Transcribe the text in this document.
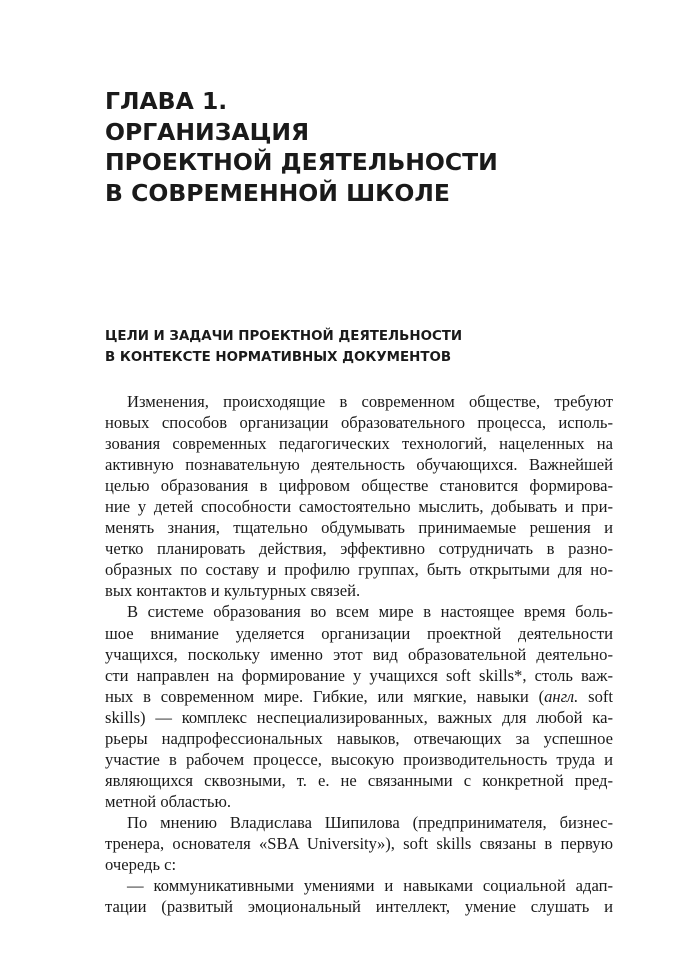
ГЛАВА 1.
ОРГАНИЗАЦИЯ
ПРОЕКТНОЙ ДЕЯТЕЛЬНОСТИ
В СОВРЕМЕННОЙ ШКОЛЕ
ЦЕЛИ И ЗАДАЧИ ПРОЕКТНОЙ ДЕЯТЕЛЬНОСТИ
В КОНТЕКСТЕ НОРМАТИВНЫХ ДОКУМЕНТОВ
Изменения, происходящие в современном обществе, требуют
новых способов организации образовательного процесса, исполь-
зования современных педагогических технологий, нацеленных на
активную познавательную деятельность обучающихся. Важнейшей
целью образования в цифровом обществе становится формирова-
ние у детей способности самостоятельно мыслить, добывать и при-
менять знания, тщательно обдумывать принимаемые решения и
четко планировать действия, эффективно сотрудничать в разно-
образных по составу и профилю группах, быть открытыми для но-
вых контактов и культурных связей.
В системе образования во всем мире в настоящее время боль-
шое внимание уделяется организации проектной деятельности
учащихся, поскольку именно этот вид образовательной деятельно-
сти направлен на формирование у учащихся soft skills*, столь важ-
ных в современном мире. Гибкие, или мягкие, навыки (англ. soft
skills) — комплекс неспециализированных, важных для любой ка-
рьеры надпрофессиональных навыков, отвечающих за успешное
участие в рабочем процессе, высокую производительность труда и
являющихся сквозными, т. е. не связанными с конкретной пред-
метной областью.
По мнению Владислава Шипилова (предпринимателя, бизнес-
тренера, основателя «SBA University»), soft skills связаны в первую
очередь с:
— коммуникативными умениями и навыками социальной адап-
тации (развитый эмоциональный интеллект, умение слушать и
